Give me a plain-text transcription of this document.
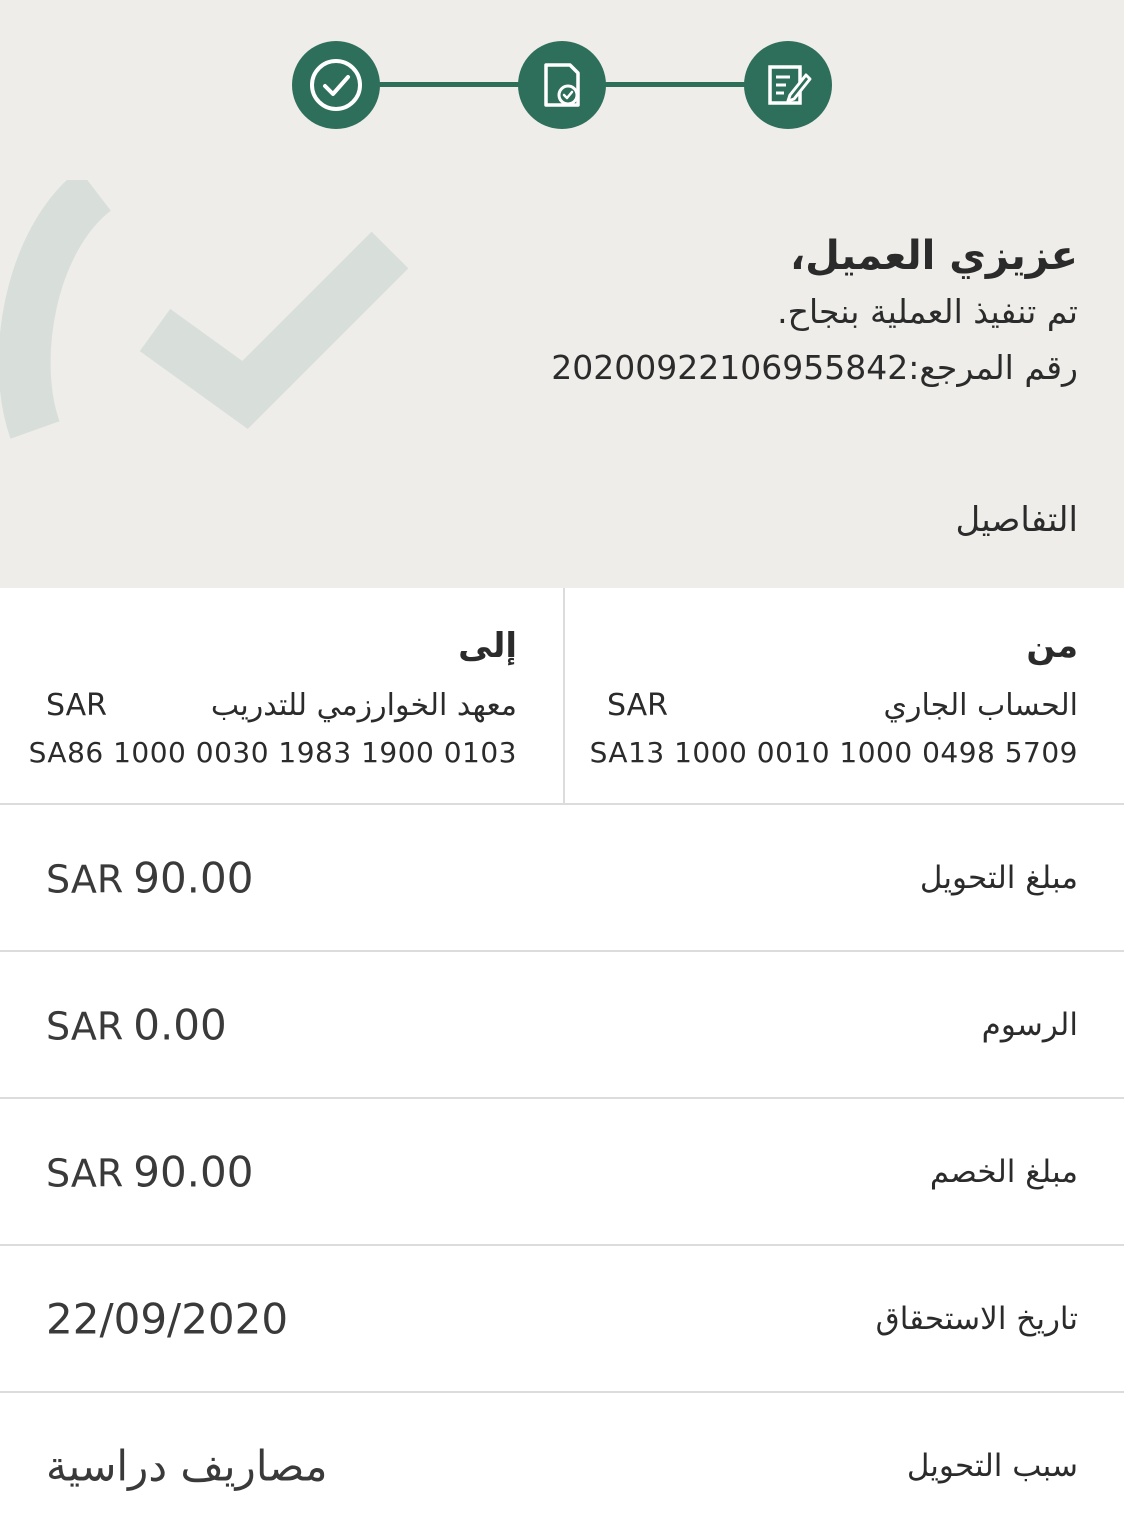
عزيزي العميل،
تم تنفيذ العملية بنجاح.
رقم المرجع:20200922106955842
التفاصيل
من
الحساب الجاري
SAR
SA13 1000 0010 1000 0498 5709
إلى
معهد الخوارزمي للتدريب
SAR
SA86 1000 0030 1983 1900 0103
مبلغ التحويل
SAR 90.00
الرسوم
SAR 0.00
مبلغ الخصم
SAR 90.00
تاريخ الاستحقاق
22/09/2020
سبب التحويل
مصاريف دراسية
